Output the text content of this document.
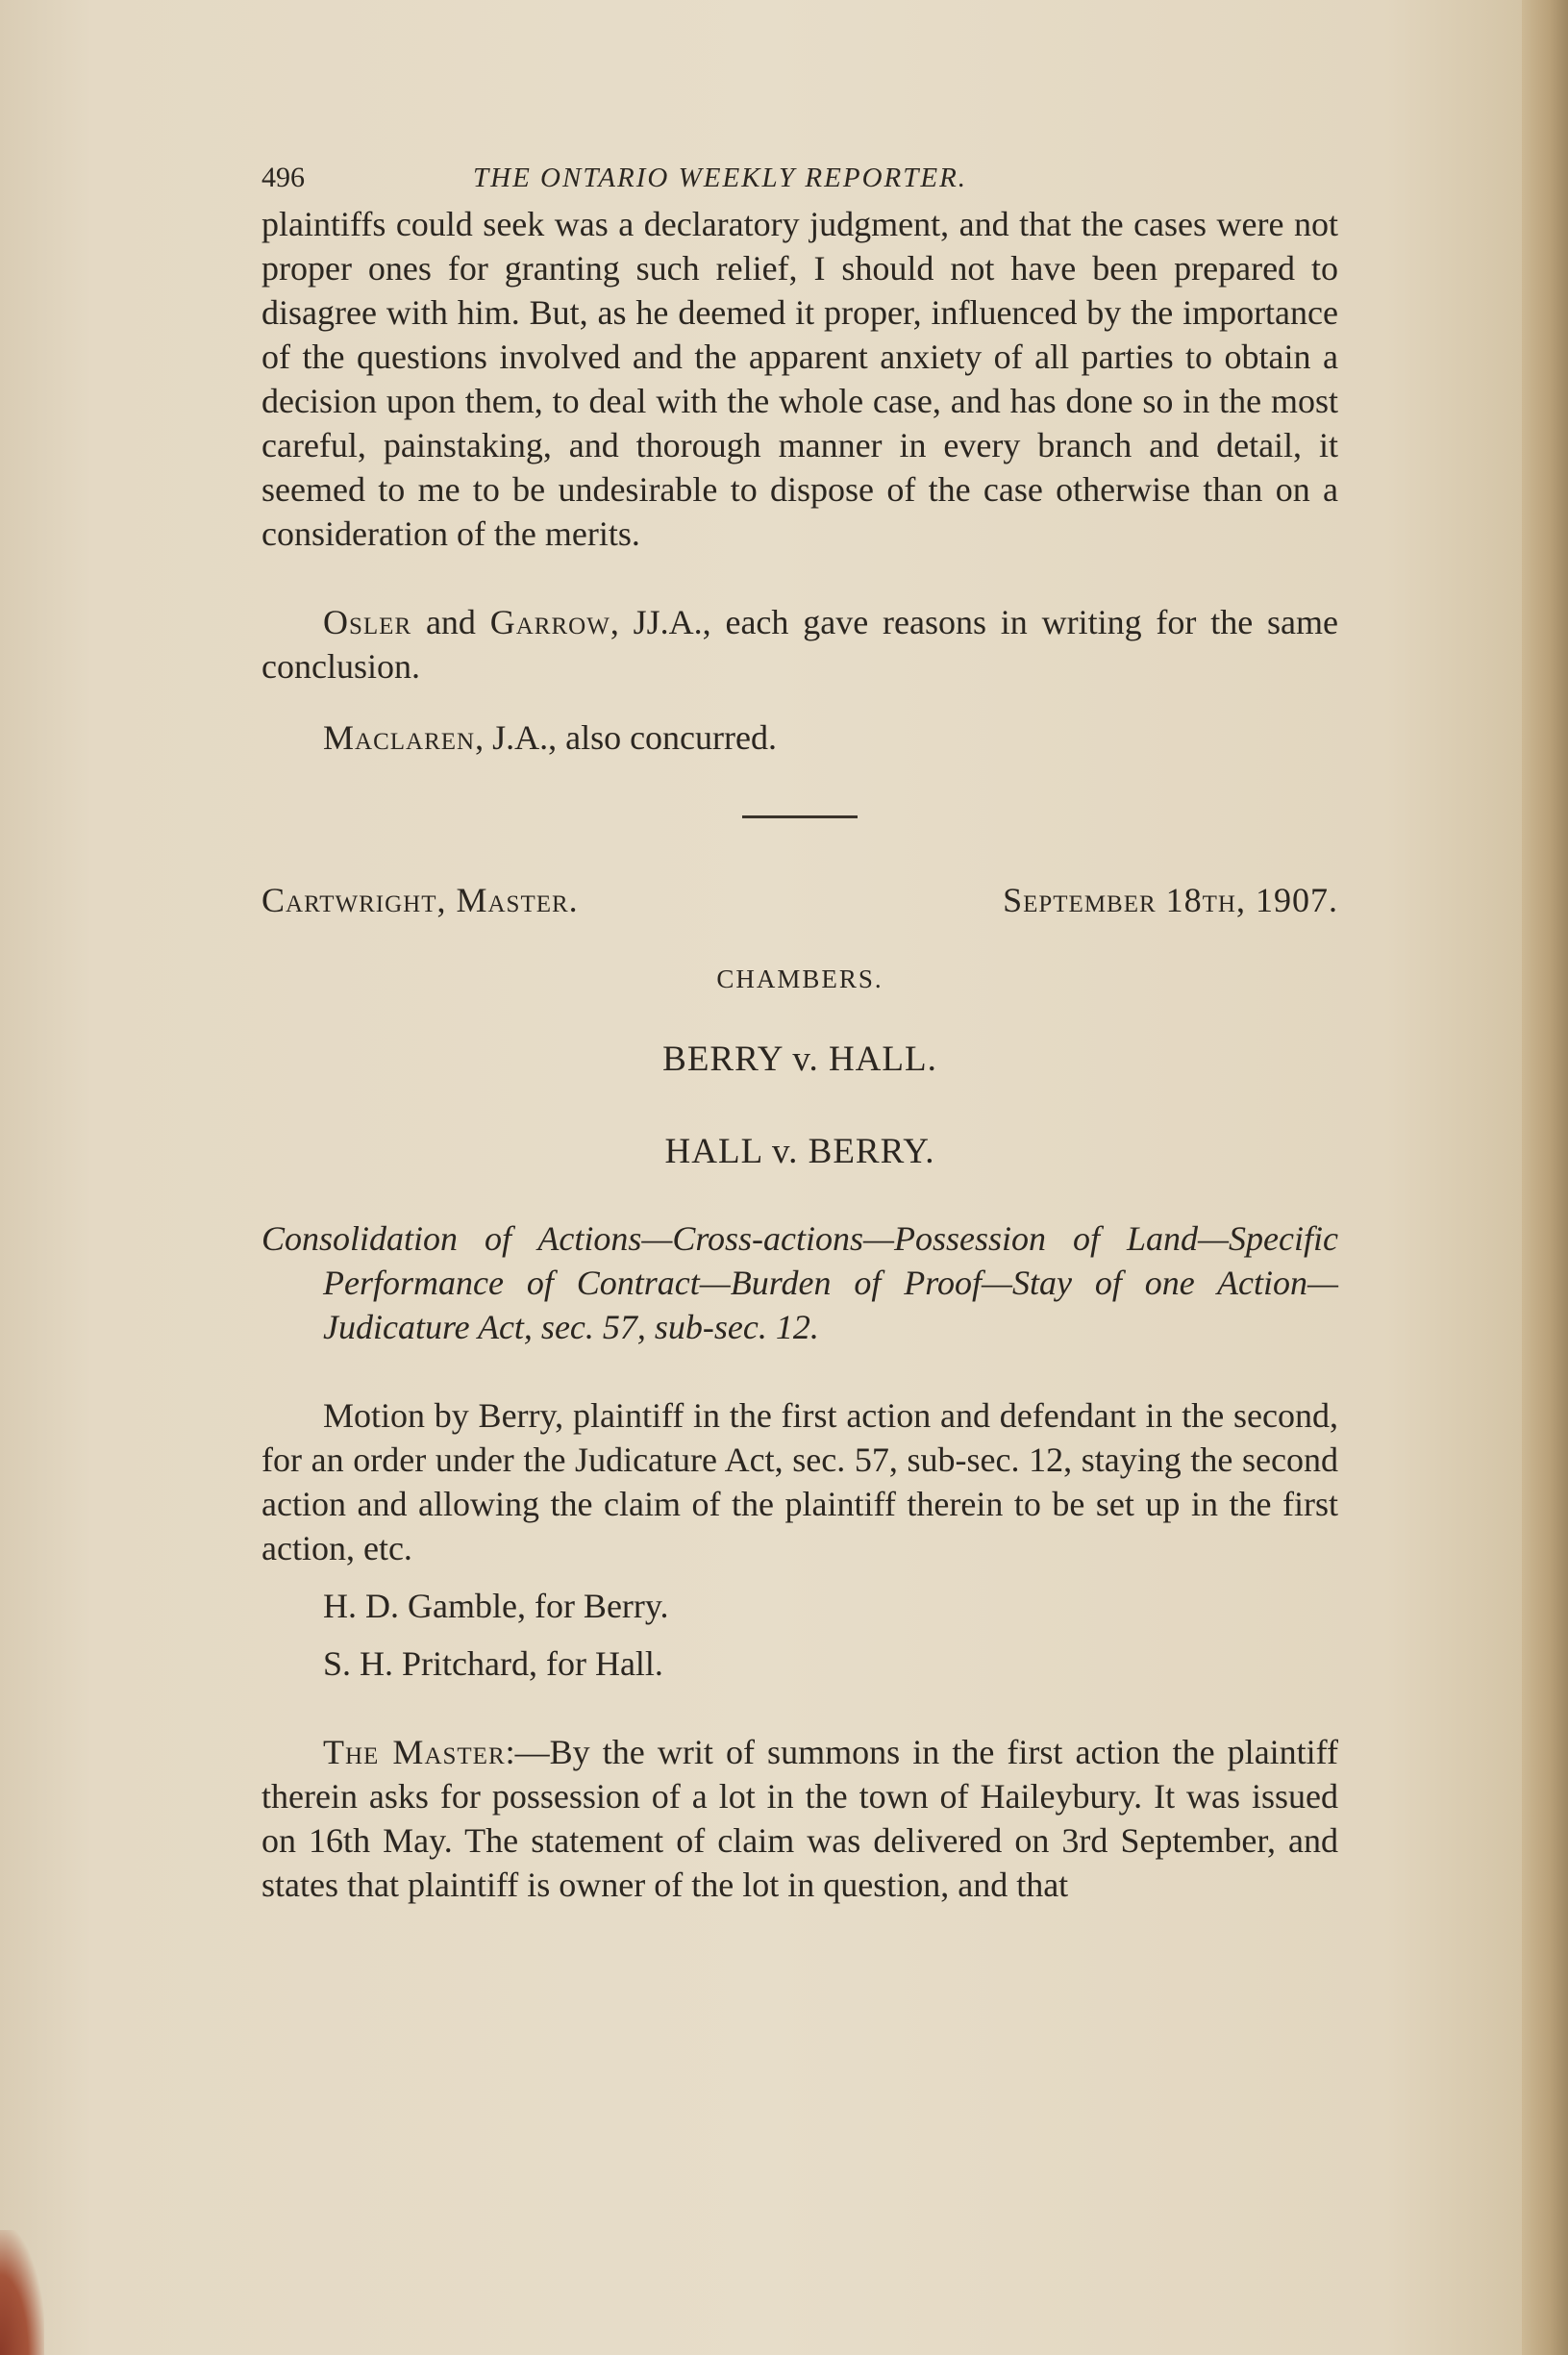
496	THE ONTARIO WEEKLY REPORTER.

plaintiffs could seek was a declaratory judgment, and that the cases were not proper ones for granting such relief, I should not have been prepared to disagree with him. But, as he deemed it proper, influenced by the importance of the questions involved and the apparent anxiety of all parties to obtain a decision upon them, to deal with the whole case, and has done so in the most careful, painstaking, and thorough manner in every branch and detail, it seemed to me to be undesirable to dispose of the case otherwise than on a consideration of the merits.

Osler and Garrow, JJ.A., each gave reasons in writing for the same conclusion.

Maclaren, J.A., also concurred.

Cartwright, Master.	September 18th, 1907.
CHAMBERS.
BERRY v. HALL.
HALL v. BERRY.

Consolidation of Actions—Cross-actions—Possession of Land—Specific Performance of Contract—Burden of Proof—Stay of one Action—Judicature Act, sec. 57, sub-sec. 12.

Motion by Berry, plaintiff in the first action and defendant in the second, for an order under the Judicature Act, sec. 57, sub-sec. 12, staying the second action and allowing the claim of the plaintiff therein to be set up in the first action, etc.

H. D. Gamble, for Berry.
S. H. Pritchard, for Hall.

The Master:—By the writ of summons in the first action the plaintiff therein asks for possession of a lot in the town of Haileybury. It was issued on 16th May. The statement of claim was delivered on 3rd September, and states that plaintiff is owner of the lot in question, and that
